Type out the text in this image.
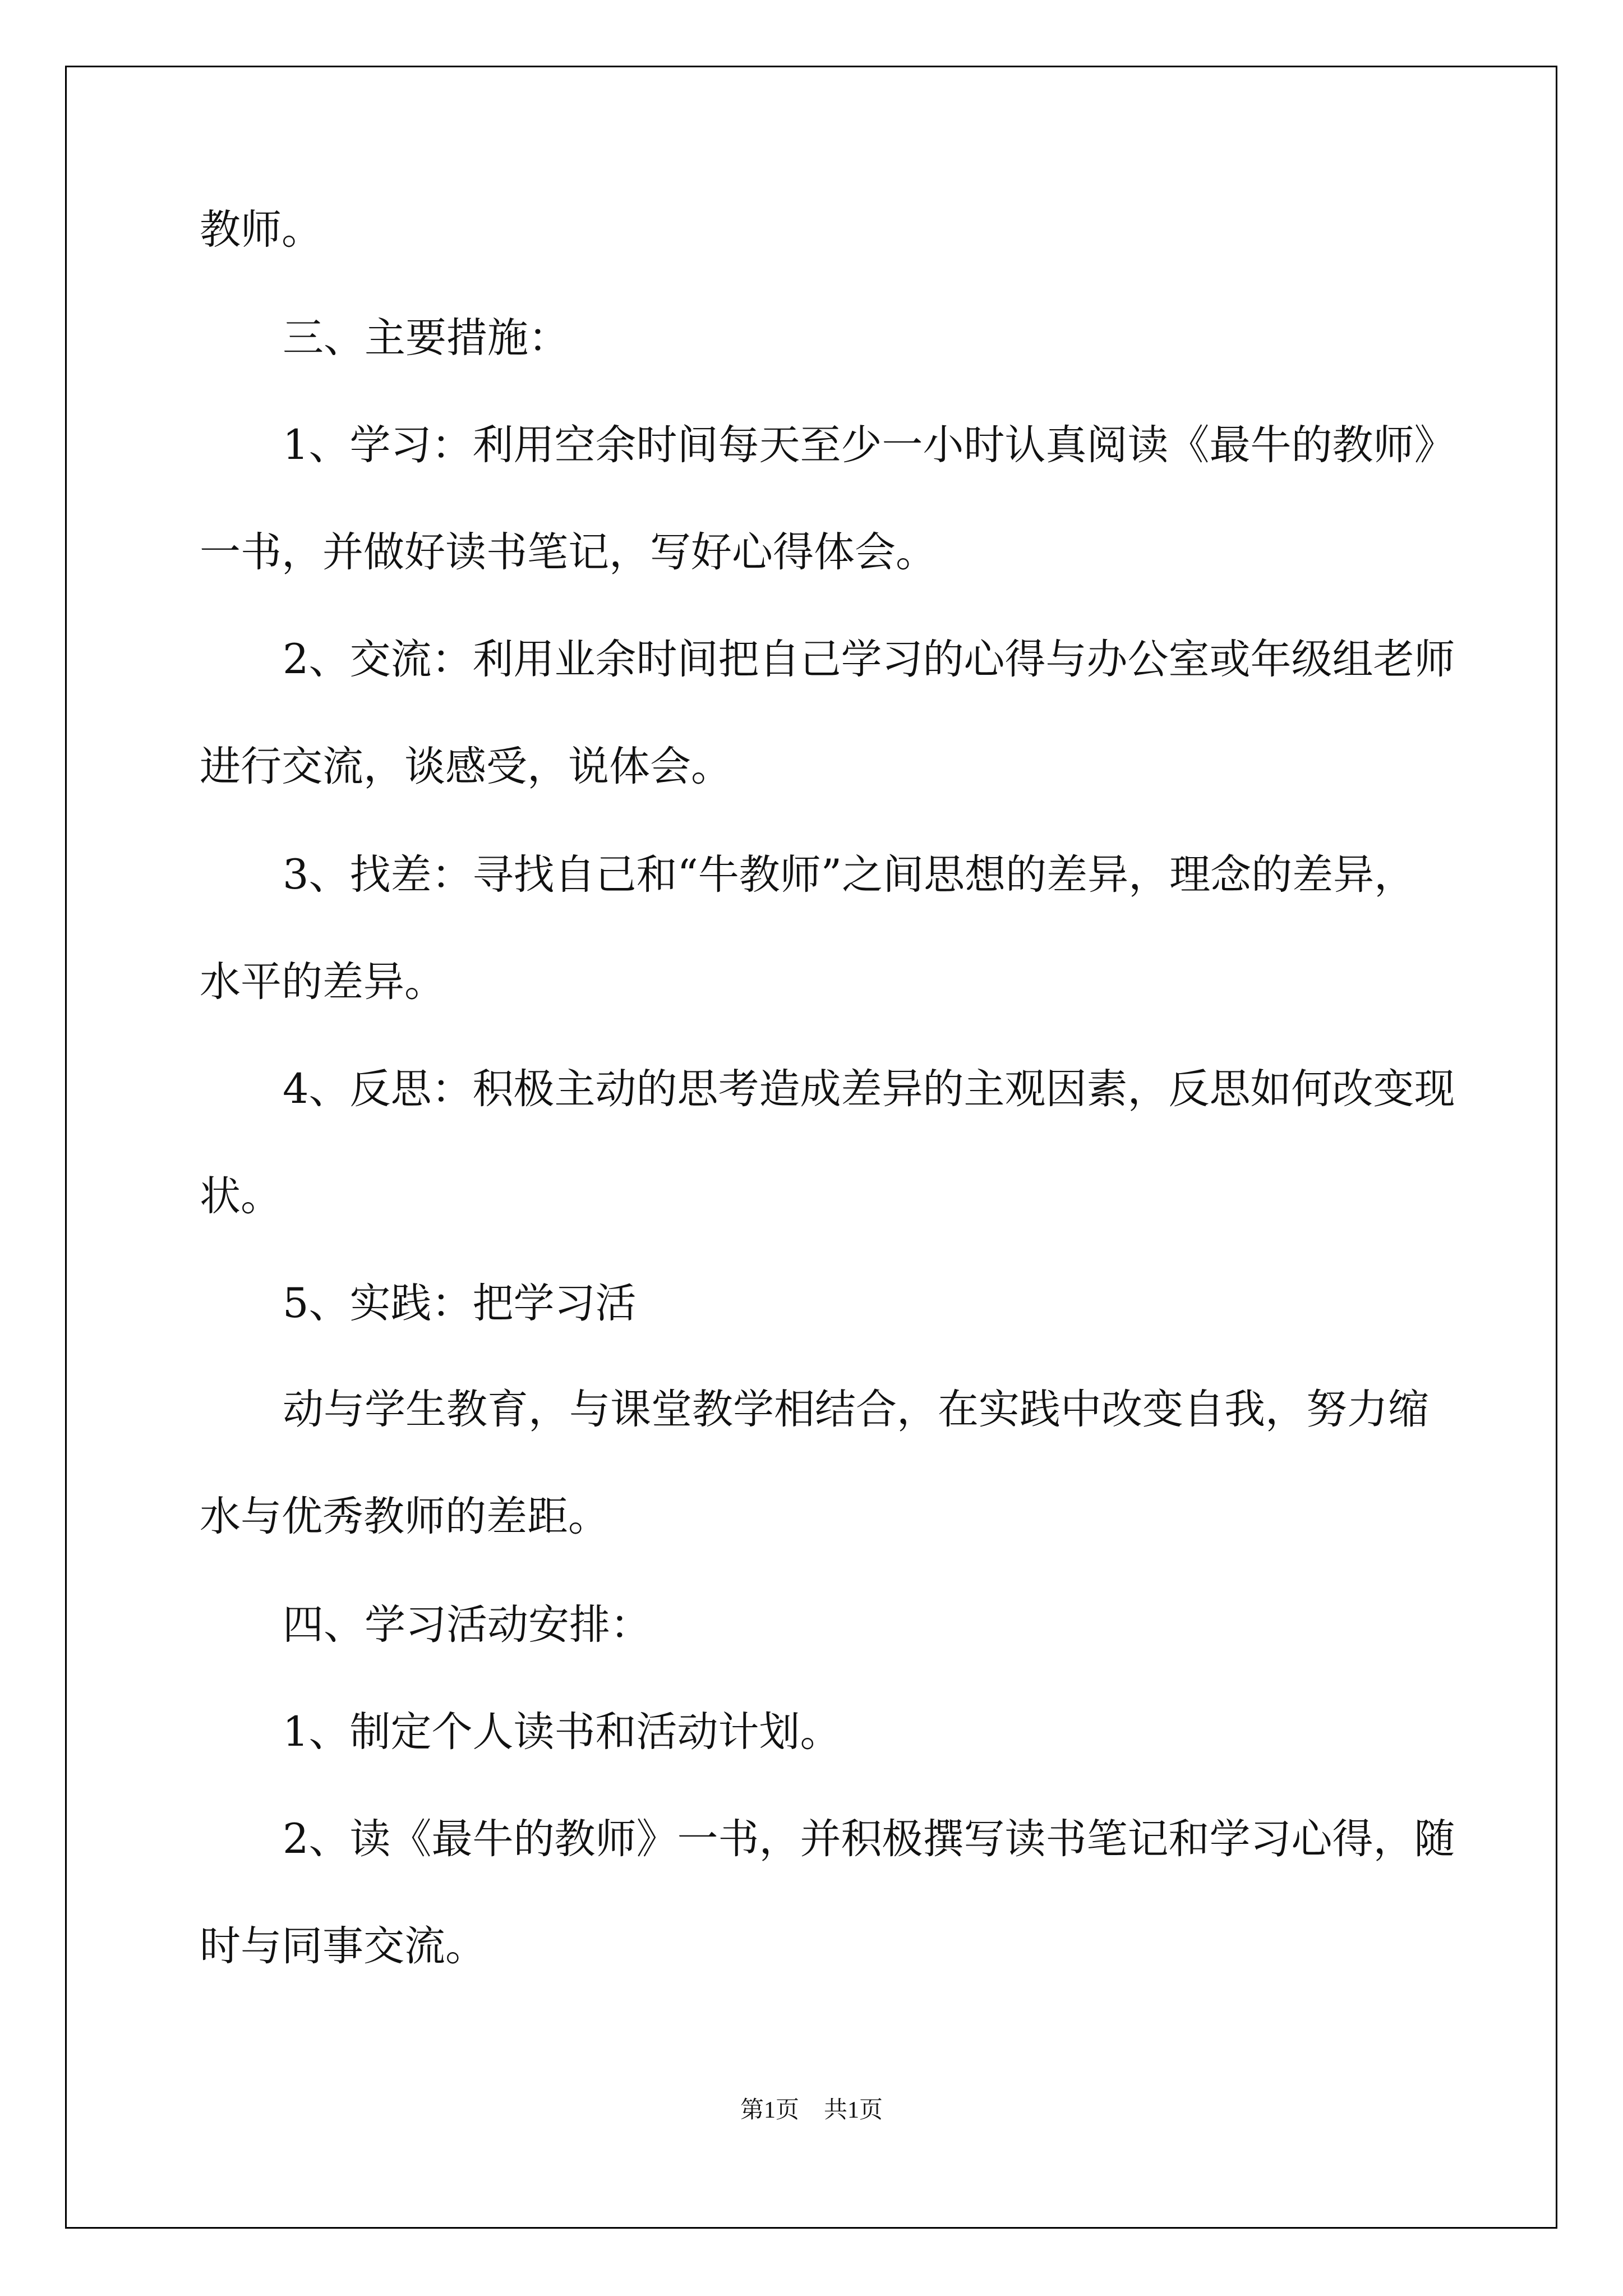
教师。

三、主要措施：

1、学习：利用空余时间每天至少一小时认真阅读《最牛的教师》

一书，并做好读书笔记，写好心得体会。

2、交流：利用业余时间把自己学习的心得与办公室或年级组老师

进行交流，谈感受，说体会。

3、找差：寻找自己和“牛教师”之间思想的差异，理念的差异，

水平的差异。

4、反思：积极主动的思考造成差异的主观因素，反思如何改变现

状。

5、实践：把学习活

动与学生教育，与课堂教学相结合，在实践中改变自我，努力缩

水与优秀教师的差距。

四、学习活动安排：

1、制定个人读书和活动计划。

2、读《最牛的教师》一书，并积极撰写读书笔记和学习心得，随

时与同事交流。

第1页 共1页
